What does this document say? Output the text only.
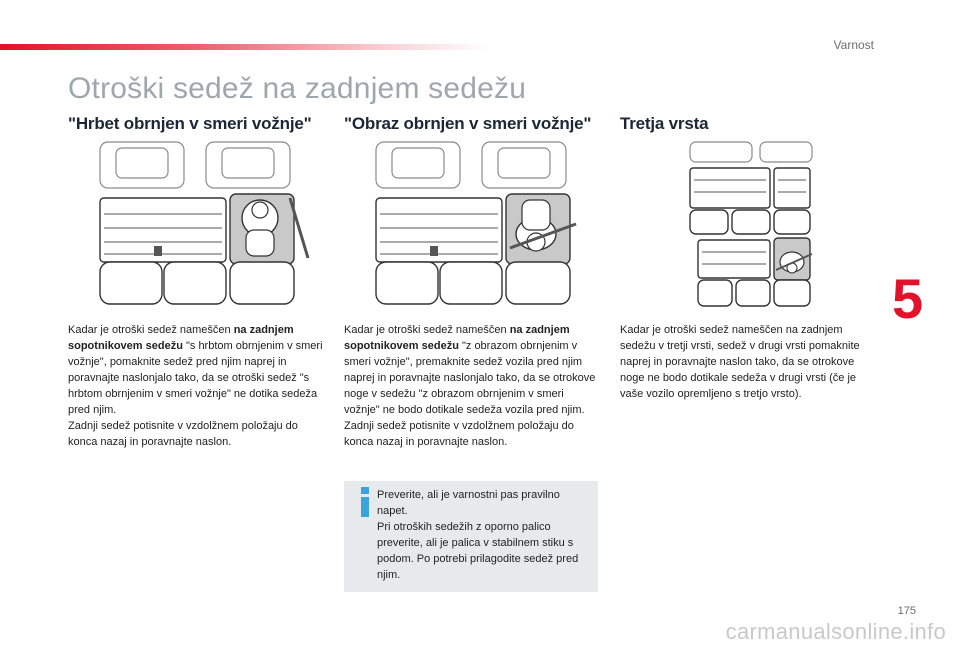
Varnost
Otroški sedež na zadnjem sedežu
"Hrbet obrnjen v smeri vožnje"

Kadar je otroški sedež nameščen na zadnjem sopotnikovem sedežu "s hrbtom obrnjenim v smeri vožnje", pomaknite sedež pred njim naprej in poravnajte naslonjalo tako, da se otroški sedež "s hrbtom obrnjenim v smeri vožnje" ne dotika sedeža pred njim.

Zadnji sedež potisnite v vzdolžnem položaju do konca nazaj in poravnajte naslon.

"Obraz obrnjen v smeri vožnje"

Kadar je otroški sedež nameščen na zadnjem sopotnikovem sedežu "z obrazom obrnjenim v smeri vožnje", premaknite sedež vozila pred njim naprej in poravnajte naslonjalo tako, da se otrokove noge v sedežu "z obrazom obrnjenim v smeri vožnje" ne bodo dotikale sedeža vozila pred njim.

Zadnji sedež potisnite v vzdolžnem položaju do konca nazaj in poravnajte naslon.

Preverite, ali je varnostni pas pravilno napet.

Pri otroških sedežih z oporno palico preverite, ali je palica v stabilnem stiku s podom. Po potrebi prilagodite sedež pred njim.

Tretja vrsta

Kadar je otroški sedež nameščen na zadnjem sedežu v tretji vrsti, sedež v drugi vrsti pomaknite naprej in poravnajte naslon tako, da se otrokove noge ne bodo dotikale sedeža v drugi vrsti (če je vaše vozilo opremljeno s tretjo vrsto).

5
175
carmanualsonline.info
